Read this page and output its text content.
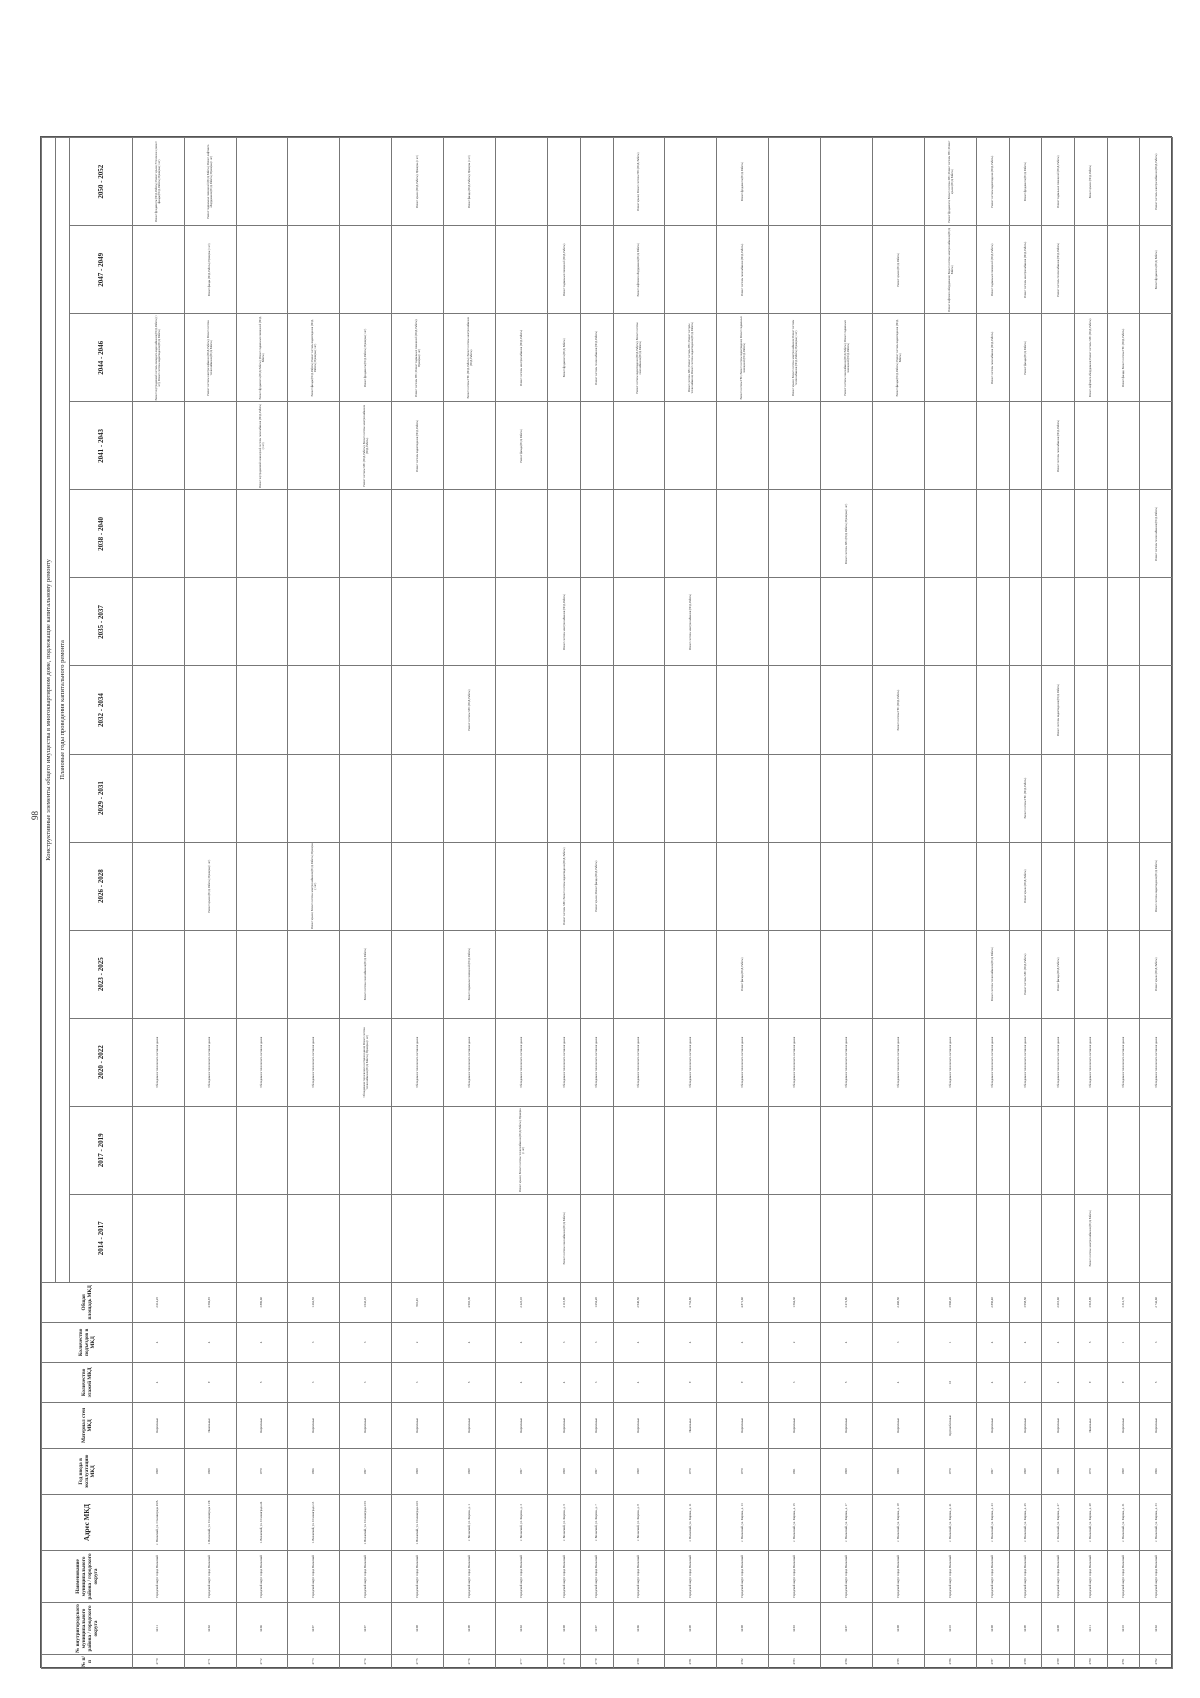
98
№ п/п	№ внутригородского муниципального района / городского округа	Наименование муниципального района / городского округа	Адрес МКД	Год ввода в эксплуатацию МКД	Материал стен МКД	Количество этажей МКД	Количество подъездов в МКД	Общая площадь МКД	Конструктивные элементы общего имущества в многоквартирном доме, подлежащие капитальному ремонту												
									Плановые годы проведения капитального ремонта												
									2014 - 2017	2017 - 2019	2020 - 2022	2023 - 2025	2026 - 2028	2029 - 2031	2032 - 2034	2035 - 2037	2038 - 2040	2041 - 2043	2044 - 2046	2047 - 2049	2050 - 2052
4770	34:11	Городской округ город Волжский	г. Волжский, ул. Сталинграда 25/А	1969	Кирпичные	4	4	2 614,25			Обследование технического состояния здания								Ремонт внутридомовой системы холодного водоснабжения (ПСД, Работы) (1 шт); Ремонт системы водоотведения (ПСД, Работы)		Ремонт фундамента (ПСД, Работы); Ремонт крыши; Утепление и ремонт фасада (ПСД, Работы); Проверка (1 шт)
4771	34:02	Городской округ город Волжский	г. Волжский, ул. Сталинграда 11/Б	1968	Панельные	9	4	4 584,93			Обследование технического состояния здания		Ремонт крыши (ПСД, Работы); Проверка (1 шт)						Ремонт системы электроснабжения (ПСД, Работы); Ремонт системы теплоснабжения (ПСД, Работы)	Ремонт фасада (ПСД, Работы); Проверка (1 шт)	Ремонт подвальных помещений (ПСД, Работы); Ремонт лифтового оборудования (ПСД, Работы); Проверка (1 шт)
4772	34:06	Городской округ город Волжский	г. Волжский, ул. Сталинграда 24	1970	Кирпичные	5	4	3 896,60			Обследование технического состояния здания							Ремонт внутридомовой инженерной системы газоснабжения (ПСД, Работы) (1 шт)	Ремонт фундамента (ПСД, Работы); Ремонт подвальных помещений (ПСД, Работы)		
4773	34:07	Городской округ город Волжский	г. Волжский, ул. Сталинграда 13	1966	Кирпичные	3	3	1 262,55			Обследование технического состояния здания		Ремонт крыши; Ремонт системы электроснабжения (ПСД, Работы); Проверка (1 шт)						Ремонт фасада (ПСД, Работы); Ремонт системы водоотведения (ПСД, Работы); Проверка (1 шт)		
4774	34:07	Городской округ город Волжский	г. Волжский, ул. Сталинграда 15/1	1967	Кирпичные	3	3	1 043,10			Обследование технического состояния здания; Ремонт системы теплоснабжения (ПСД, Работы); Проверка (1 шт)	Ремонт системы газоснабжения (ПСД, Работы)						Ремонт системы ХВС (ПСД, Работы); Ремонт системы электроснабжения (ПСД, Работы)	Ремонт фундамента (ПСД, Работы); Проверка (1 шт)		
4775	34:08	Городской округ город Волжский	г. Волжский, ул. Сталинграда 16/1	1968	Кирпичные	3	2	910,45			Обследование технического состояния здания							Ремонт системы водоотведения (ПСД, Работы)	Ремонт системы ГВС; Ремонт подвальных помещений (ПСД, Работы); Проверка (1 шт)		Ремонт крыши (ПСД, Работы); Проверка (1 шт)
4776	34:09	Городской округ город Волжский	г. Волжский, ул. Кирова, д. 1	1969	Кирпичные	5	4	4 903,30			Обследование технического состояния здания	Ремонт подвальных помещений (ПСД, Работы)			Ремонт системы ХВС (ПСД, Работы)				Ремонт системы ГВС (ПСД, Работы); Ремонт системы электроснабжения (ПСД, Работы)		Ремонт фасада (ПСД, Работы); Проверка (1 шт)
4777	34:02	Городской округ город Волжский	г. Волжский, ул. Кирова, д. 3	1967	Кирпичные	4	4	2 223,10		Ремонт крыши; Ремонт системы теплоснабжения (ПСД, Работы); Проверка (1 шт)	Обследование технического состояния здания							Ремонт фасада (ПСД, Работы)	Ремонт системы электроснабжения (ПСД, Работы)		
4778	34:08	Городской округ город Волжский	г. Волжский, ул. Кирова, д. 5	1968	Кирпичные	4	3	2 115,90	Ремонт системы газоснабжения (ПСД, Работы)		Обследование технического состояния здания		Ремонт системы ХВС; Ремонт системы водоотведения (ПСД, Работы)			Ремонт системы электроснабжения (ПСД, Работы)			Ремонт фундамента (ПСД, Работы)	Ремонт подвальных помещений (ПСД, Работы)	
4779	34:07	Городской округ город Волжский	г. Волжский, ул. Кирова, д. 7	1967	Кирпичные	3	3	1 654,20			Обследование технического состояния здания		Ремонт крыши; Ремонт фасада (ПСД, Работы)						Ремонт системы теплоснабжения (ПСД, Работы)		
4780	34:06	Городской округ город Волжский	г. Волжский, ул. Кирова, д. 9	1969	Кирпичные	4	4	2 940,50			Обследование технического состояния здания								Ремонт системы водоотведения (ПСД, Работы); Ремонт системы газоснабжения (ПСД, Работы)	Ремонт лифтового оборудования (ПСД, Работы)	Ремонт крыши; Ремонт системы ГВС (ПСД, Работы)
4781	34:09	Городской округ город Волжский	г. Волжский, ул. Кирова, д. 11	1970	Панельные	9	4	4 752,80			Обследование технического состояния здания					Ремонт системы электроснабжения (ПСД, Работы)			Ремонт системы ХВС; Ремонт системы ГВС; Ремонт системы теплоснабжения; Ремонт системы водоотведения (ПСД, Работы)		
4782	34:08	Городской округ город Волжский	г. Волжский, ул. Кирова, д. 13	1970	Кирпичные	9	4	4 871,60			Обследование технического состояния здания	Ремонт фасада (ПСД, Работы)							Ремонт системы ГВС; Ремонт системы водоотведения; Ремонт подвальных помещений (ПСД, Работы)	Ремонт системы газоснабжения (ПСД, Работы)	Ремонт фундамента (ПСД, Работы)
4783	34:03	Городской округ город Волжский	г. Волжский, ул. Кирова, д. 15	1961	Кирпичные	3	2	1 564,30			Обследование технического состояния здания								Ремонт крыши; Ремонт системы электроснабжения; Ремонт системы теплоснабжения (ПСД, Работы); Проверка (1 шт)		
4784	34:07	Городской округ город Волжский	г. Волжский, ул. Кирова, д. 17	1968	Кирпичные	5	4	3 472,80			Обследование технического состояния здания						Ремонт системы ХВС (ПСД, Работы); Проверка (1 шт)		Ремонт системы газоснабжения (ПСД, Работы); Ремонт подвальных помещений (ПСД, Работы)		
4785	34:08	Городской округ город Волжский	г. Волжский, ул. Кирова, д. 19	1968	Кирпичные	4	3	2 460,50			Обследование технического состояния здания				Ремонт системы ГВС (ПСД, Работы)				Ремонт фасада (ПСД, Работы); Ремонт системы водоотведения (ПСД, Работы)	Ремонт крыши (ПСД, Работы)	
4786	34:10	Городской округ город Волжский	г. Волжский, ул. Кирова, д. 21	1970	Крупноблочные	10	1	3 960,20			Обследование технического состояния здания									Ремонт лифтового оборудования; Ремонт системы электроснабжения (ПСД, Работы)	Ремонт фундамента; Ремонт системы ХВС; Ремонт системы ГВС; Ремонт крыши (ПСД, Работы)
4787	34:08	Городской округ город Волжский	г. Волжский, ул. Кирова, д. 23	1967	Кирпичные	4	4	2 850,40			Обследование технического состояния здания	Ремонт системы теплоснабжения (ПСД, Работы)							Ремонт системы газоснабжения (ПСД, Работы)	Ремонт подвальных помещений (ПСД, Работы)	Ремонт системы водоотведения (ПСД, Работы)
4788	34:09	Городской округ город Волжский	г. Волжский, ул. Кирова, д. 25	1969	Кирпичные	5	4	3 958,50			Обследование технического состояния здания	Ремонт системы ХВС (ПСД, Работы)	Ремонт крыши (ПСД, Работы)	Ремонт системы ГВС (ПСД, Работы)					Ремонт фасада (ПСД, Работы)	Ремонт системы электроснабжения (ПСД, Работы)	Ремонт фундамента (ПСД, Работы)
4789	34:08	Городской округ город Волжский	г. Волжский, ул. Кирова, д. 27	1968	Кирпичные	4	4	2 610,60			Обследование технического состояния здания	Ремонт фасада (ПСД, Работы)			Ремонт системы водоотведения (ПСД, Работы)			Ремонт системы газоснабжения (ПСД, Работы)		Ремонт системы теплоснабжения (ПСД, Работы)	Ремонт подвальных помещений (ПСД, Работы)
4790	34:11	Городской округ город Волжский	г. Волжский, ул. Кирова, д. 29	1970	Панельные	9	5	3 918,90	Ремонт системы электроснабжения (ПСД, Работы)		Обследование технического состояния здания								Ремонт лифтового оборудования; Ремонт системы ХВС (ПСД, Работы)		Ремонт крыши (ПСД, Работы)
4791	34:10	Городской округ город Волжский	г. Волжский, ул. Кирова, д. 31	1969	Кирпичные	9	1	3 312,70			Обследование технического состояния здания								Ремонт фасада; Ремонт системы ГВС (ПСД, Работы)		
4792	34:02	Городской округ город Волжский	г. Волжский, ул. Кирова, д. 33	1966	Кирпичные	5	3	2 742,60			Обследование технического состояния здания	Ремонт крыши (ПСД, Работы)	Ремонт системы водоотведения (ПСД, Работы)				Ремонт системы теплоснабжения (ПСД, Работы)			Ремонт фундамента (ПСД, Работы)	Ремонт системы электроснабжения (ПСД, Работы)
